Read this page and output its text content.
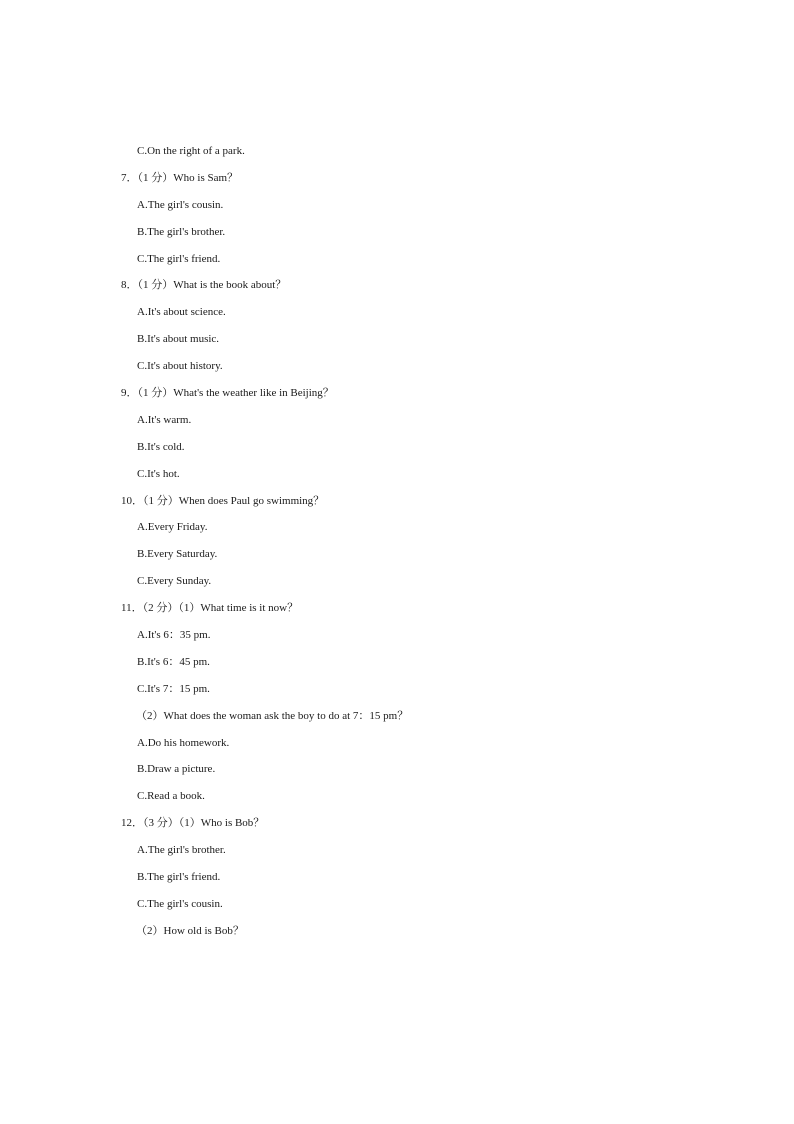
C.On the right of a park.
7．（1 分）Who is Sam？
A.The girl's cousin.
B.The girl's brother.
C.The girl's friend.
8．（1 分）What is the book about？
A.It's about science.
B.It's about music.
C.It's about history.
9．（1 分）What's the weather like in Beijing？
A.It's warm.
B.It's cold.
C.It's hot.
10．（1 分）When does Paul go swimming？
A.Every Friday.
B.Every Saturday.
C.Every Sunday.
11．（2 分）（1）What time is it now？
A.It's 6：35 pm.
B.It's 6：45 pm.
C.It's 7：15 pm.
（2）What does the woman ask the boy to do at 7：15 pm？
A.Do his homework.
B.Draw a picture.
C.Read a book.
12．（3 分）（1）Who is Bob？
A.The girl's brother.
B.The girl's friend.
C.The girl's cousin.
（2）How old is Bob？
